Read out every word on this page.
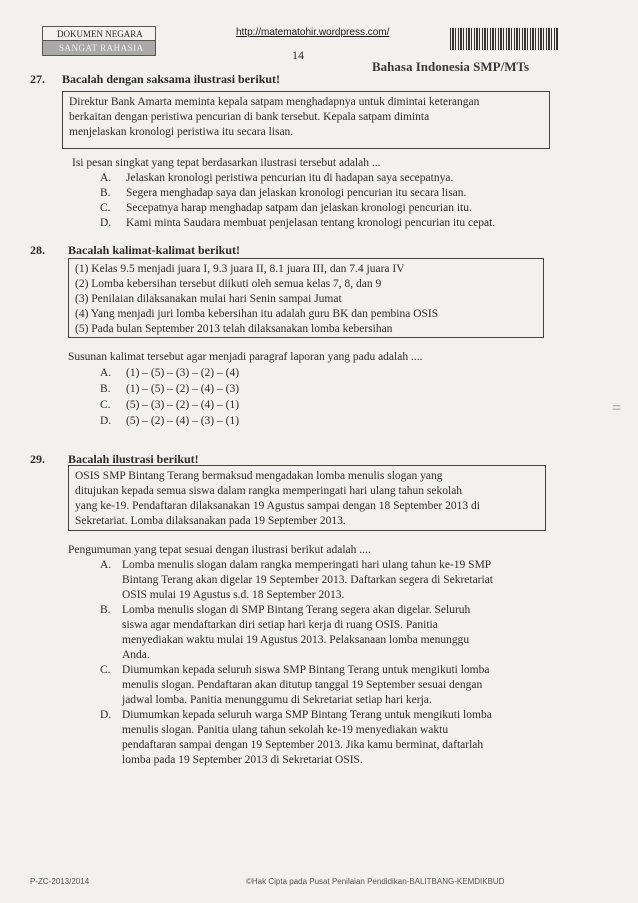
DOKUMEN NEGARA
SANGAT RAHASIA
http://matematohir.wordpress.com/
14
Bahasa Indonesia SMP/MTs
27. Bacalah dengan saksama ilustrasi berikut!
Direktur Bank Amarta meminta kepala satpam menghadapnya untuk dimintai keterangan
berkaitan dengan peristiwa pencurian di bank tersebut. Kepala satpam diminta
menjelaskan kronologi peristiwa itu secara lisan.
Isi pesan singkat yang tepat berdasarkan ilustrasi tersebut adalah ...
A. Jelaskan kronologi peristiwa pencurian itu di hadapan saya secepatnya.
B. Segera menghadap saya dan jelaskan kronologi pencurian itu secara lisan.
C. Secepatnya harap menghadap satpam dan jelaskan kronologi pencurian itu.
D. Kami minta Saudara membuat penjelasan tentang kronologi pencurian itu cepat.
28. Bacalah kalimat-kalimat berikut!
(1) Kelas 9.5 menjadi juara I, 9.3 juara II, 8.1 juara III, dan 7.4 juara IV
(2) Lomba kebersihan tersebut diikuti oleh semua kelas 7, 8, dan 9
(3) Penilaian dilaksanakan mulai hari Senin sampai Jumat
(4) Yang menjadi juri lomba kebersihan itu adalah guru BK dan pembina OSIS
(5) Pada bulan September 2013 telah dilaksanakan lomba kebersihan
Susunan kalimat tersebut agar menjadi paragraf laporan yang padu adalah ....
A. (1) – (5) – (3) – (2) – (4)
B. (1) – (5) – (2) – (4) – (3)
C. (5) – (3) – (2) – (4) – (1)
D. (5) – (2) – (4) – (3) – (1)
=
29. Bacalah ilustrasi berikut!
OSIS SMP Bintang Terang bermaksud mengadakan lomba menulis slogan yang
ditujukan kepada semua siswa dalam rangka memperingati hari ulang tahun sekolah
yang ke-19. Pendaftaran dilaksanakan 19 Agustus sampai dengan 18 September 2013 di
Sekretariat. Lomba dilaksanakan pada 19 September 2013.
Pengumuman yang tepat sesuai dengan ilustrasi berikut adalah ....
A. Lomba menulis slogan dalam rangka memperingati hari ulang tahun ke-19 SMP
Bintang Terang akan digelar 19 September 2013. Daftarkan segera di Sekretariat
OSIS mulai 19 Agustus s.d. 18 September 2013.
B. Lomba menulis slogan di SMP Bintang Terang segera akan digelar. Seluruh
siswa agar mendaftarkan diri setiap hari kerja di ruang OSIS. Panitia
menyediakan waktu mulai 19 Agustus 2013. Pelaksanaan lomba menunggu
Anda.
C. Diumumkan kepada seluruh siswa SMP Bintang Terang untuk mengikuti lomba
menulis slogan. Pendaftaran akan ditutup tanggal 19 September sesuai dengan
jadwal lomba. Panitia menunggumu di Sekretariat setiap hari kerja.
D. Diumumkan kepada seluruh warga SMP Bintang Terang untuk mengikuti lomba
menulis slogan. Panitia ulang tahun sekolah ke-19 menyediakan waktu
pendaftaran sampai dengan 19 September 2013. Jika kamu berminat, daftarlah
lomba pada 19 September 2013 di Sekretariat OSIS.
P-ZC-2013/2014	©Hak Cipta pada Pusat Penilaian Pendidikan-BALITBANG-KEMDIKBUD
